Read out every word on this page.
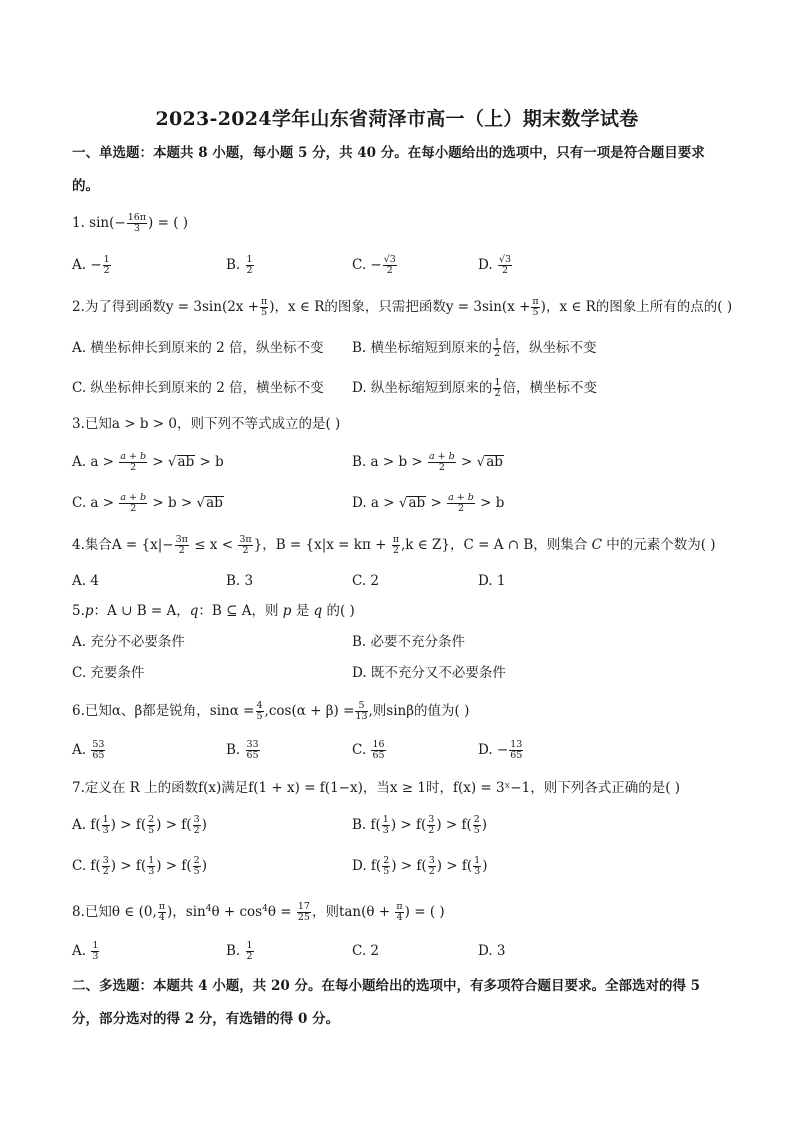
2023-2024学年山东省菏泽市高一（上）期末数学试卷
一、单选题：本题共 8 小题，每小题 5 分，共 40 分。在每小题给出的选项中，只有一项是符合题目要求
的。
1. $\sin(- \frac{16\pi}{3}$ ) = ( )
A. − $\frac{1}{2}$	B. $\frac{1}{2}$	C. − $\frac{√3}{2}$	D. $\frac{√3}{2}$
2.为了得到函数$y = 3\sin(2x + \frac{\pi}{5}$ )，x ∈ R的图象，只需把函数$y = 3\sin(x + \frac{\pi}{5}$ )，x ∈ R的图象上所有的点的( )
A. 横坐标伸长到原来的 2 倍，纵坐标不变 B. 横坐标缩短到原来的 $\frac{1}{2}$ 倍，纵坐标不变
C. 纵坐标伸长到原来的 2 倍，横坐标不变 D. 纵坐标缩短到原来的 $\frac{1}{2}$ 倍，横坐标不变
3.已知a > b > 0，则下列不等式成立的是( )
A. $a > \frac{a + b}{2} > √ab > b$	B. $a > b > \frac{a + b}{2} > √ab$
C. $a > \frac{a + b}{2} > b > √ab$	D. $a > √ab > \frac{a + b}{2} > b$
4.集合$A = \{x|- \frac{3\pi}{2} \le x < \frac{3\pi}{2}$ }，$B = \{x|x = k\pi + \frac{\pi}{2} ,k$ ∈ Z}，C = A ∩ B，则集合 C 中的元素个数为( )
A. 4	B. 3	C. 2	D. 1
5.p：A ∪ B = A，q：B ⊆ A，则 p 是 q 的( )
A. 充分不必要条件	B. 必要不充分条件
C. 充要条件	D. 既不充分又不必要条件
6.已知α、β都是锐角，$\sin\alpha = \frac{4}{5} ,\cos(\alpha + \beta) = \frac{5}{13}$ ,则sinβ的值为( )
A. $\frac{53}{65}$	B. $\frac{33}{65}$	C. $\frac{16}{65}$	D. − $\frac{13}{65}$
7.定义在 R 上的函数f(x)满足f(1 + x) = f(1−x)，当x ≥ 1时，f(x) = 3ˣ−1，则下列各式正确的是( )
A. $f( \frac{1}{3}$ ) > $f( \frac{2}{5}$ ) > $f( \frac{3}{2}$ )	B. $f( \frac{1}{3}$ ) > $f( \frac{3}{2}$ ) > $f( \frac{2}{5}$ )
C. $f( \frac{3}{2}$ ) > $f( \frac{1}{3}$ ) > $f( \frac{2}{5}$ )	D. $f( \frac{2}{5}$ ) > $f( \frac{3}{2}$ ) > $f( \frac{1}{3}$ )
8.已知θ ∈ (0, $\frac{\pi}{4}$ )，$\sin^4\theta + \cos^4\theta = \frac{17}{25}$ ，则$\tan(\theta + \frac{\pi}{4}$ ) = ( )
A. $\frac{1}{3}$	B. $\frac{1}{2}$	C. 2	D. 3
二、多选题：本题共 4 小题，共 20 分。在每小题给出的选项中，有多项符合题目要求。全部选对的得 5
分，部分选对的得 2 分，有选错的得 0 分。
